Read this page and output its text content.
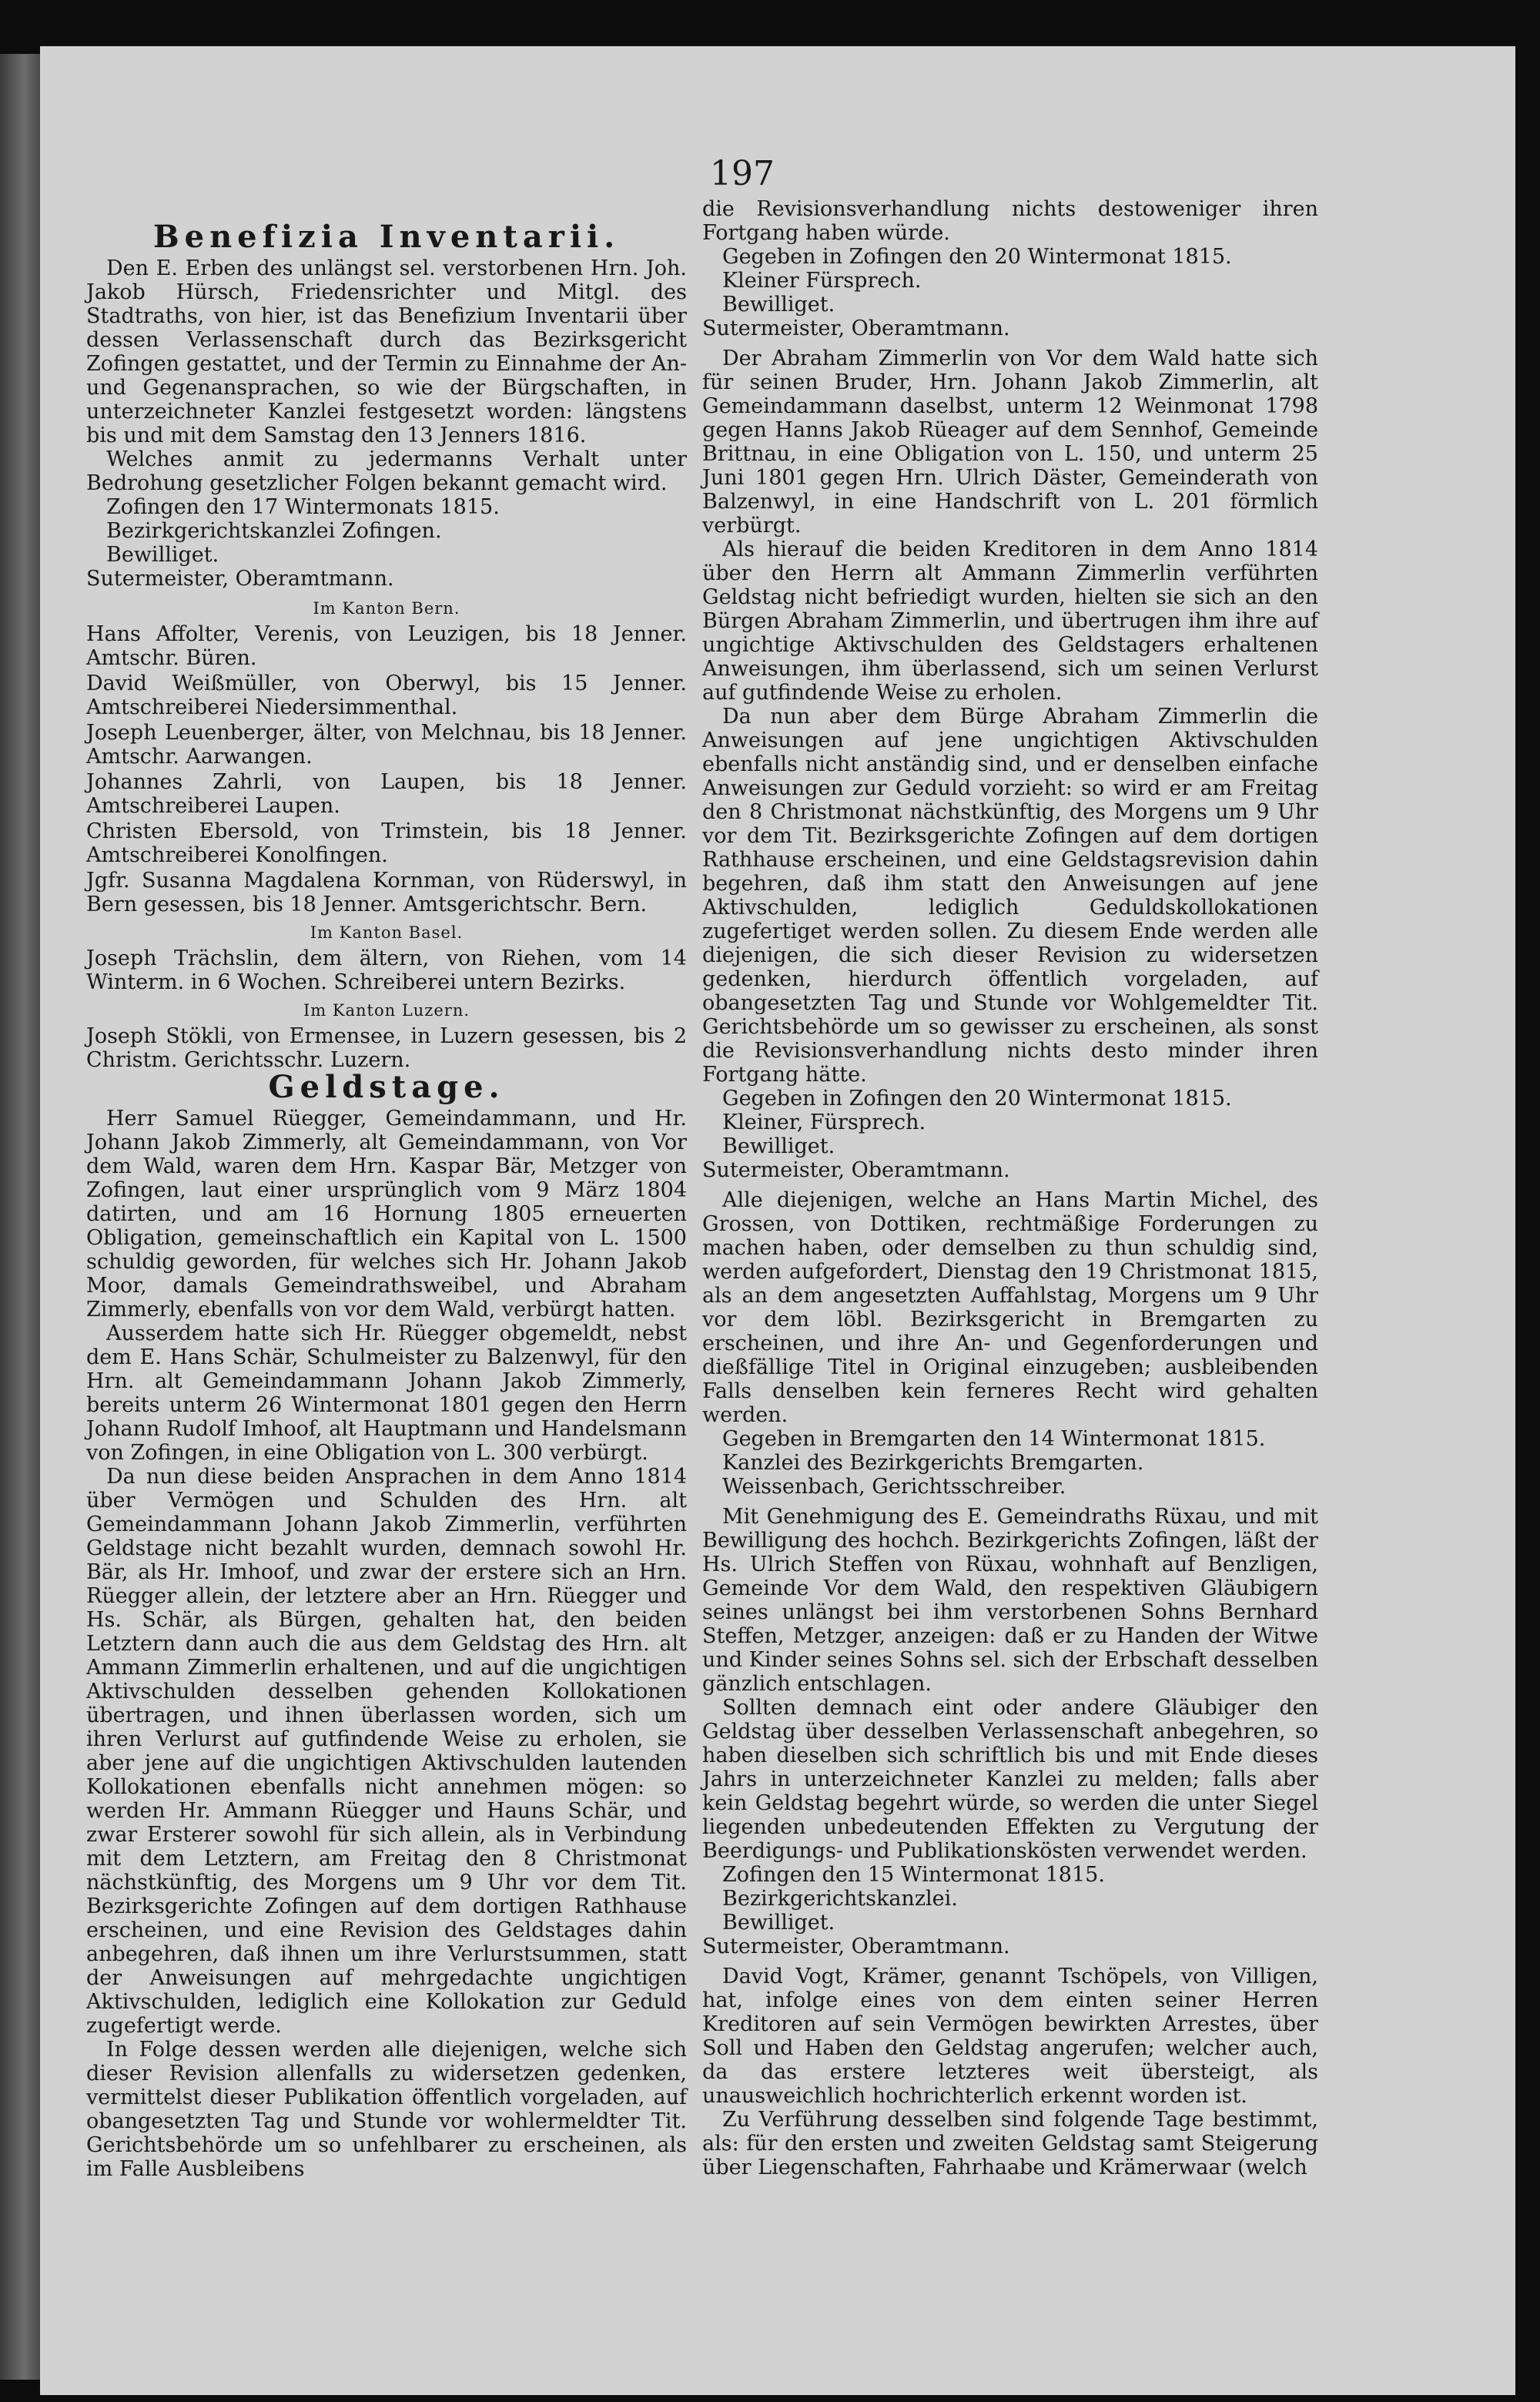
197
Benefizia Inventarii.

Den E. Erben des unlängst sel. verstorbenen Hrn. Joh. Jakob Hürsch, Friedensrichter und Mitgl. des Stadtraths, von hier, ist das Benefizium Inventarii über dessen Verlassenschaft durch das Bezirksgericht Zofingen gestattet, und der Termin zu Einnahme der An- und Gegenansprachen, so wie der Bürgschaften, in unterzeichneter Kanzlei festgesetzt worden: längstens bis und mit dem Samstag den 13 Jenners 1816.

Welches anmit zu jedermanns Verhalt unter Bedrohung gesetzlicher Folgen bekannt gemacht wird.

Zofingen den 17 Wintermonats 1815.

Bezirkgerichtskanzlei Zofingen.

Bewilliget.

Sutermeister, Oberamtmann.

Im Kanton Bern.

Hans Affolter, Verenis, von Leuzigen, bis 18 Jenner. Amtschr. Büren.

David Weißmüller, von Oberwyl, bis 15 Jenner. Amtschreiberei Niedersimmenthal.

Joseph Leuenberger, älter, von Melchnau, bis 18 Jenner. Amtschr. Aarwangen.

Johannes Zahrli, von Laupen, bis 18 Jenner. Amtschreiberei Laupen.

Christen Ebersold, von Trimstein, bis 18 Jenner. Amtschreiberei Konolfingen.

Jgfr. Susanna Magdalena Kornman, von Rüderswyl, in Bern gesessen, bis 18 Jenner. Amtsgerichtschr. Bern.

Im Kanton Basel.

Joseph Trächslin, dem ältern, von Riehen, vom 14 Winterm. in 6 Wochen. Schreiberei untern Bezirks.

Im Kanton Luzern.

Joseph Stökli, von Ermensee, in Luzern gesessen, bis 2 Christm. Gerichtsschr. Luzern.

Geldstage.

Herr Samuel Rüegger, Gemeindammann, und Hr. Johann Jakob Zimmerly, alt Gemeindammann, von Vor dem Wald, waren dem Hrn. Kaspar Bär, Metzger von Zofingen, laut einer ursprünglich vom 9 März 1804 datirten, und am 16 Hornung 1805 erneuerten Obligation, gemeinschaftlich ein Kapital von L. 1500 schuldig geworden, für welches sich Hr. Johann Jakob Moor, damals Gemeindrathsweibel, und Abraham Zimmerly, ebenfalls von vor dem Wald, verbürgt hatten.

Ausserdem hatte sich Hr. Rüegger obgemeldt, nebst dem E. Hans Schär, Schulmeister zu Balzenwyl, für den Hrn. alt Gemeindammann Johann Jakob Zimmerly, bereits unterm 26 Wintermonat 1801 gegen den Herrn Johann Rudolf Imhoof, alt Hauptmann und Handelsmann von Zofingen, in eine Obligation von L. 300 verbürgt.

Da nun diese beiden Ansprachen in dem Anno 1814 über Vermögen und Schulden des Hrn. alt Gemeindammann Johann Jakob Zimmerlin, verführten Geldstage nicht bezahlt wurden, demnach sowohl Hr. Bär, als Hr. Imhoof, und zwar der erstere sich an Hrn. Rüegger allein, der letztere aber an Hrn. Rüegger und Hs. Schär, als Bürgen, gehalten hat, den beiden Letztern dann auch die aus dem Geldstag des Hrn. alt Ammann Zimmerlin erhaltenen, und auf die ungichtigen Aktivschulden desselben gehenden Kollokationen übertragen, und ihnen überlassen worden, sich um ihren Verlurst auf gutfindende Weise zu erholen, sie aber jene auf die ungichtigen Aktivschulden lautenden Kollokationen ebenfalls nicht annehmen mögen: so werden Hr. Ammann Rüegger und Hauns Schär, und zwar Ersterer sowohl für sich allein, als in Verbindung mit dem Letztern, am Freitag den 8 Christmonat nächstkünftig, des Morgens um 9 Uhr vor dem Tit. Bezirksgerichte Zofingen auf dem dortigen Rathhause erscheinen, und eine Revision des Geldstages dahin anbegehren, daß ihnen um ihre Verlurstsummen, statt der Anweisungen auf mehrgedachte ungichtigen Aktivschulden, lediglich eine Kollokation zur Geduld zugefertigt werde.

In Folge dessen werden alle diejenigen, welche sich dieser Revision allenfalls zu widersetzen gedenken, vermittelst dieser Publikation öffentlich vorgeladen, auf obangesetzten Tag und Stunde vor wohlermeldter Tit. Gerichtsbehörde um so unfehlbarer zu erscheinen, als im Falle Ausbleibens

die Revisionsverhandlung nichts destoweniger ihren Fortgang haben würde.

Gegeben in Zofingen den 20 Wintermonat 1815.

Kleiner Fürsprech.

Bewilliget.

Sutermeister, Oberamtmann.

Der Abraham Zimmerlin von Vor dem Wald hatte sich für seinen Bruder, Hrn. Johann Jakob Zimmerlin, alt Gemeindammann daselbst, unterm 12 Weinmonat 1798 gegen Hanns Jakob Rüeager auf dem Sennhof, Gemeinde Brittnau, in eine Obligation von L. 150, und unterm 25 Juni 1801 gegen Hrn. Ulrich Däster, Gemeinderath von Balzenwyl, in eine Handschrift von L. 201 förmlich verbürgt.

Als hierauf die beiden Kreditoren in dem Anno 1814 über den Herrn alt Ammann Zimmerlin verführten Geldstag nicht befriedigt wurden, hielten sie sich an den Bürgen Abraham Zimmerlin, und übertrugen ihm ihre auf ungichtige Aktivschulden des Geldstagers erhaltenen Anweisungen, ihm überlassend, sich um seinen Verlurst auf gutfindende Weise zu erholen.

Da nun aber dem Bürge Abraham Zimmerlin die Anweisungen auf jene ungichtigen Aktivschulden ebenfalls nicht anständig sind, und er denselben einfache Anweisungen zur Geduld vorzieht: so wird er am Freitag den 8 Christmonat nächstkünftig, des Morgens um 9 Uhr vor dem Tit. Bezirksgerichte Zofingen auf dem dortigen Rathhause erscheinen, und eine Geldstagsrevision dahin begehren, daß ihm statt den Anweisungen auf jene Aktivschulden, lediglich Geduldskollokationen zugefertiget werden sollen. Zu diesem Ende werden alle diejenigen, die sich dieser Revision zu widersetzen gedenken, hierdurch öffentlich vorgeladen, auf obangesetzten Tag und Stunde vor Wohlgemeldter Tit. Gerichtsbehörde um so gewisser zu erscheinen, als sonst die Revisionsverhandlung nichts desto minder ihren Fortgang hätte.

Gegeben in Zofingen den 20 Wintermonat 1815.

Kleiner, Fürsprech.

Bewilliget.

Sutermeister, Oberamtmann.

Alle diejenigen, welche an Hans Martin Michel, des Grossen, von Dottiken, rechtmäßige Forderungen zu machen haben, oder demselben zu thun schuldig sind, werden aufgefordert, Dienstag den 19 Christmonat 1815, als an dem angesetzten Auffahlstag, Morgens um 9 Uhr vor dem löbl. Bezirksgericht in Bremgarten zu erscheinen, und ihre An- und Gegenforderungen und dießfällige Titel in Original einzugeben; ausbleibenden Falls denselben kein ferneres Recht wird gehalten werden.

Gegeben in Bremgarten den 14 Wintermonat 1815.

Kanzlei des Bezirkgerichts Bremgarten.

Weissenbach, Gerichtsschreiber.

Mit Genehmigung des E. Gemeindraths Rüxau, und mit Bewilligung des hochch. Bezirkgerichts Zofingen, läßt der Hs. Ulrich Steffen von Rüxau, wohnhaft auf Benzligen, Gemeinde Vor dem Wald, den respektiven Gläubigern seines unlängst bei ihm verstorbenen Sohns Bernhard Steffen, Metzger, anzeigen: daß er zu Handen der Witwe und Kinder seines Sohns sel. sich der Erbschaft desselben gänzlich entschlagen.

Sollten demnach eint oder andere Gläubiger den Geldstag über desselben Verlassenschaft anbegehren, so haben dieselben sich schriftlich bis und mit Ende dieses Jahrs in unterzeichneter Kanzlei zu melden; falls aber kein Geldstag begehrt würde, so werden die unter Siegel liegenden unbedeutenden Effekten zu Vergutung der Beerdigungs- und Publikationskösten verwendet werden.

Zofingen den 15 Wintermonat 1815.

Bezirkgerichtskanzlei.

Bewilliget.

Sutermeister, Oberamtmann.

David Vogt, Krämer, genannt Tschöpels, von Villigen, hat, infolge eines von dem einten seiner Herren Kreditoren auf sein Vermögen bewirkten Arrestes, über Soll und Haben den Geldstag angerufen; welcher auch, da das erstere letzteres weit übersteigt, als unausweichlich hochrichterlich erkennt worden ist.

Zu Verführung desselben sind folgende Tage bestimmt, als: für den ersten und zweiten Geldstag samt Steigerung über Liegenschaften, Fahrhaabe und Krämerwaar (welch
